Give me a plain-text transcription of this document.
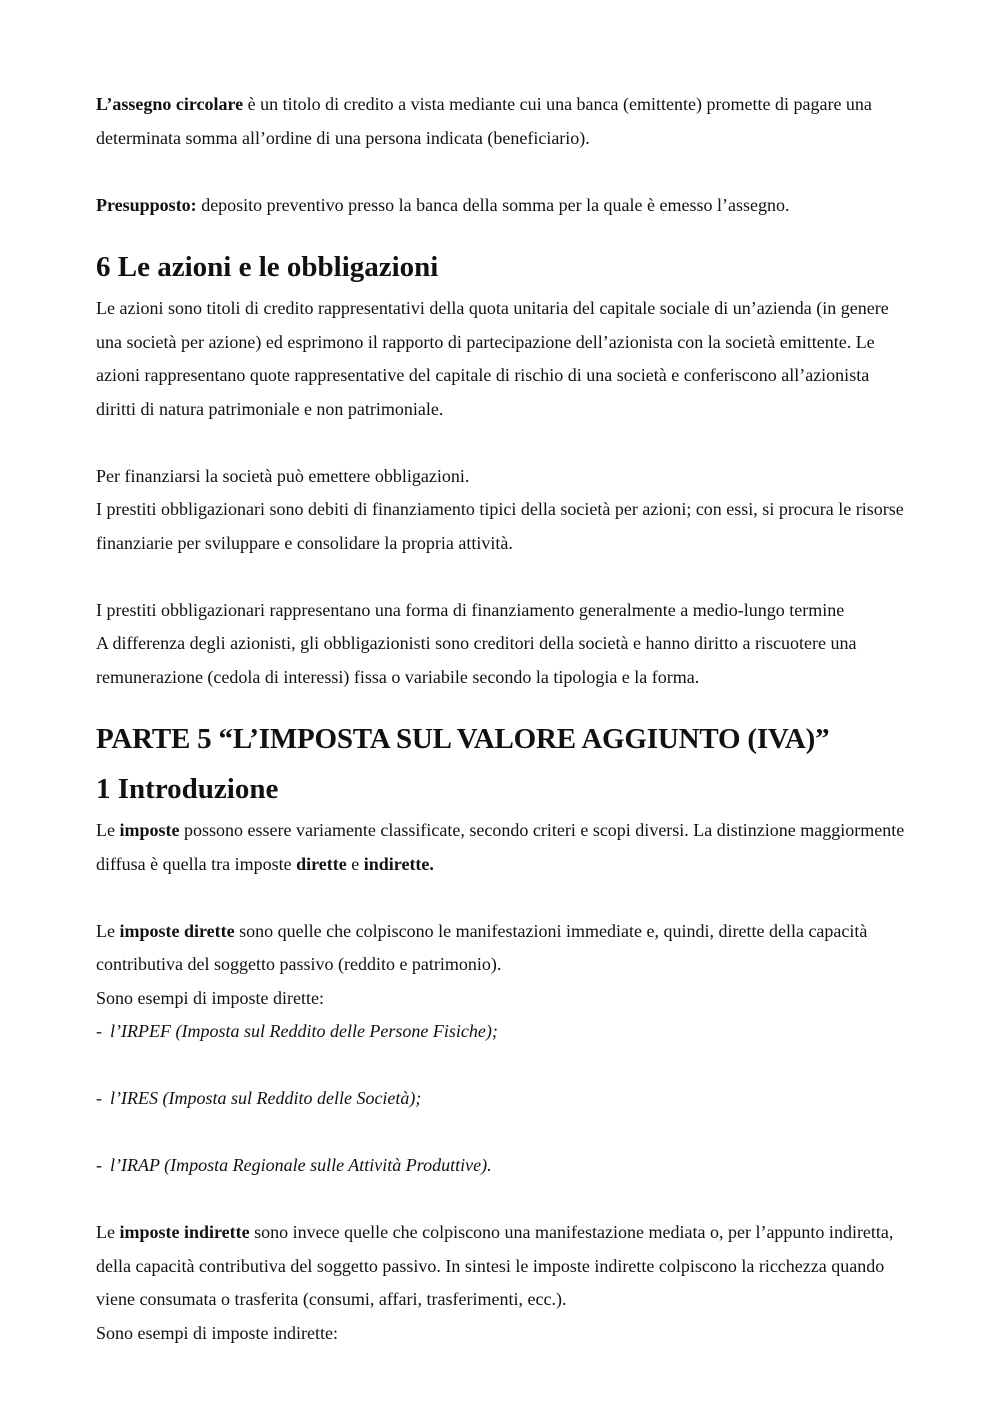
L’assegno circolare è un titolo di credito a vista mediante cui una banca (emittente) promette di pagare una determinata somma all’ordine di una persona indicata (beneficiario).

Presupposto: deposito preventivo presso la banca della somma per la quale è emesso l’assegno.

6 Le azioni e le obbligazioni

Le azioni sono titoli di credito rappresentativi della quota unitaria del capitale sociale di un’azienda (in genere una società per azione) ed esprimono il rapporto di partecipazione dell’azionista con la società emittente. Le azioni rappresentano quote rappresentative del capitale di rischio di una società e conferiscono all’azionista diritti di natura patrimoniale e non patrimoniale.

Per finanziarsi la società può emettere obbligazioni.

I prestiti obbligazionari sono debiti di finanziamento tipici della società per azioni; con essi, si procura le risorse finanziarie per sviluppare e consolidare la propria attività.

I prestiti obbligazionari rappresentano una forma di finanziamento generalmente a medio-lungo termine

A differenza degli azionisti, gli obbligazionisti sono creditori della società e hanno diritto a riscuotere una remunerazione (cedola di interessi) fissa o variabile secondo la tipologia e la forma.

PARTE 5 “L’IMPOSTA SUL VALORE AGGIUNTO (IVA)”
1 Introduzione

Le imposte possono essere variamente classificate, secondo criteri e scopi diversi. La distinzione maggiormente diffusa è quella tra imposte dirette e indirette.

Le imposte dirette sono quelle che colpiscono le manifestazioni immediate e, quindi, dirette della capacità contributiva del soggetto passivo (reddito e patrimonio).

Sono esempi di imposte dirette:

- l’IRPEF (Imposta sul Reddito delle Persone Fisiche);

- l’IRES (Imposta sul Reddito delle Società);

- l’IRAP (Imposta Regionale sulle Attività Produttive).

Le imposte indirette sono invece quelle che colpiscono una manifestazione mediata o, per l’appunto indiretta, della capacità contributiva del soggetto passivo. In sintesi le imposte indirette colpiscono la ricchezza quando viene consumata o trasferita (consumi, affari, trasferimenti, ecc.).

Sono esempi di imposte indirette:
